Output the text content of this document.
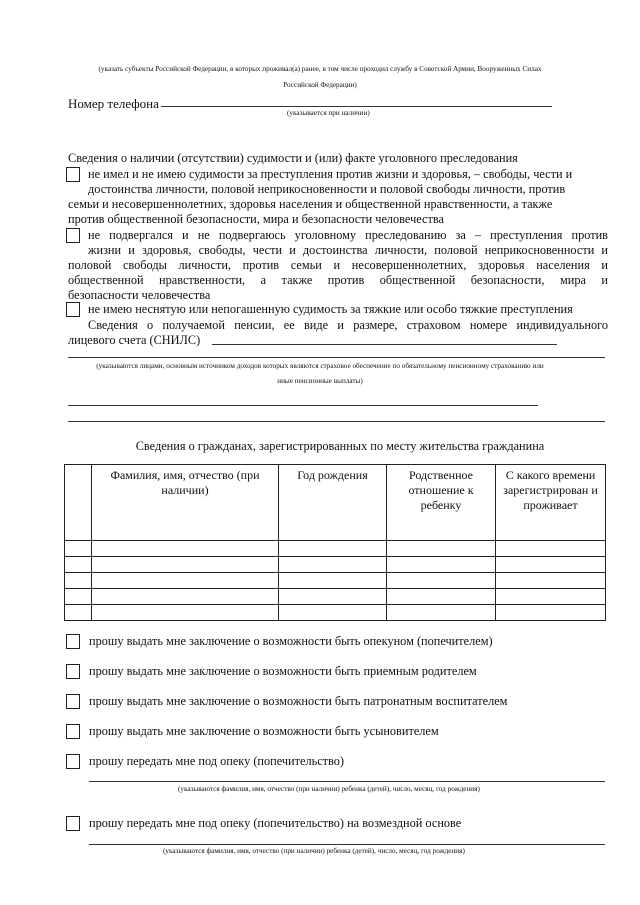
(указать субъекты Российской Федерации, в которых проживал(а) ранее, в том числе проходил службу в Советской Армии, Вооруженных Силах
Российской Федерации)
Номер телефона
(указывается при наличии)
Сведения о наличии (отсутствии) судимости и (или) факте уголовного преследования
не имел и не имею судимости за преступления против жизни и здоровья, – свободы, чести и
достоинства личности, половой неприкосновенности и половой свободы личности, против
семьи и несовершеннолетних, здоровья населения и общественной нравственности, а также
против общественной безопасности, мира и безопасности человечества
не подвергался и не подвергаюсь уголовному преследованию за – преступления против
жизни и здоровья, свободы, чести и достоинства личности, половой неприкосновенности и
половой свободы личности, против семьи и несовершеннолетних, здоровья населения и
общественной нравственности, а также против общественной безопасности, мира и
безопасности человечества
не имею неснятую или непогашенную судимость за тяжкие или особо тяжкие преступления
Сведения о получаемой пенсии, ее виде и размере, страховом номере индивидуального
лицевого счета (СНИЛС)
(указываются лицами, основным источником доходов которых являются страховое обеспечение по обязательному пенсионному страхованию или
иные пенсионные выплаты)
Сведения о гражданах, зарегистрированных по месту жительства гражданина
	Фамилия, имя, отчество (при наличии)	Год рождения	Родственное отношение к ребенку	С какого времени зарегистрирован и проживает

прошу выдать мне заключение о возможности быть опекуном (попечителем)
прошу выдать мне заключение о возможности быть приемным родителем
прошу выдать мне заключение о возможности быть патронатным воспитателем
прошу выдать мне заключение о возможности быть усыновителем
прошу передать мне под опеку (попечительство)
(указываются фамилия, имя, отчество (при наличии) ребенка (детей), число, месяц, год рождения)
прошу передать мне под опеку (попечительство) на возмездной основе
(указываются фамилия, имя, отчество (при наличии) ребенка (детей), число, месяц, год рождения)
